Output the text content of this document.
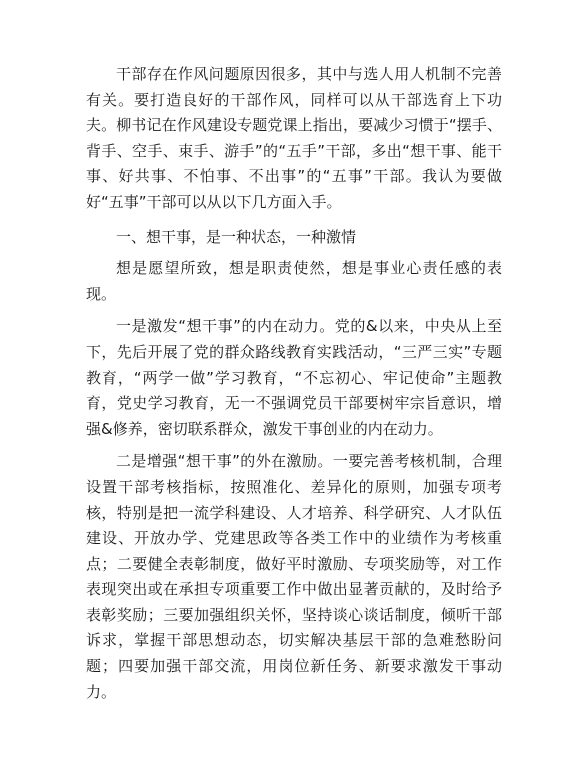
干部存在作风问题原因很多，其中与选人用人机制不完善有关。要打造良好的干部作风，同样可以从干部选育上下功夫。柳书记在作风建设专题党课上指出，要减少习惯于“摆手、背手、空手、束手、游手”的“五手”干部，多出“想干事、能干事、好共事、不怕事、不出事”的“五事”干部。我认为要做好“五事”干部可以从以下几方面入手。

一、想干事，是一种状态，一种激情

想是愿望所致，想是职责使然，想是事业心责任感的表现。

一是激发“想干事”的内在动力。党的&以来，中央从上至下，先后开展了党的群众路线教育实践活动，“三严三实”专题教育，“两学一做”学习教育，“不忘初心、牢记使命”主题教育，党史学习教育，无一不强调党员干部要树牢宗旨意识，增强&修养，密切联系群众，激发干事创业的内在动力。

二是增强“想干事”的外在激励。一要完善考核机制，合理设置干部考核指标，按照准化、差异化的原则，加强专项考核，特别是把一流学科建设、人才培养、科学研究、人才队伍建设、开放办学、党建思政等各类工作中的业绩作为考核重点；二要健全表彰制度，做好平时激励、专项奖励等，对工作表现突出或在承担专项重要工作中做出显著贡献的，及时给予表彰奖励；三要加强组织关怀，坚持谈心谈话制度，倾听干部诉求，掌握干部思想动态，切实解决基层干部的急难愁盼问题；四要加强干部交流，用岗位新任务、新要求激发干事动力。
